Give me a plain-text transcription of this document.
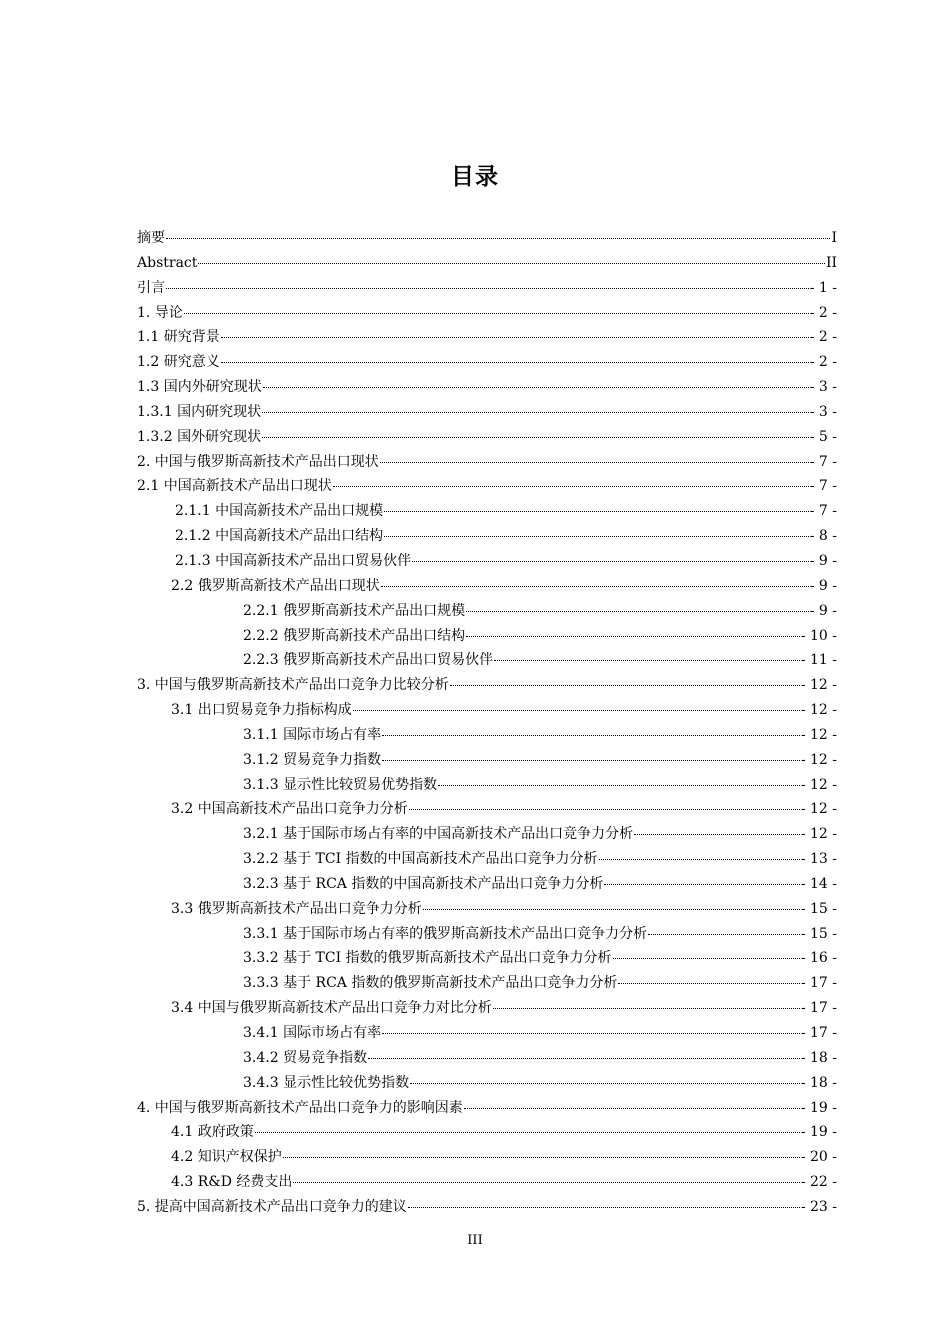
目录
摘要	I
Abstract	II
引言	- 1 -
1. 导论	- 2 -
1.1 研究背景	- 2 -
1.2 研究意义	- 2 -
1.3 国内外研究现状	- 3 -
1.3.1 国内研究现状	- 3 -
1.3.2 国外研究现状	- 5 -
2. 中国与俄罗斯高新技术产品出口现状	- 7 -
2.1 中国高新技术产品出口现状	- 7 -
2.1.1 中国高新技术产品出口规模	- 7 -
2.1.2 中国高新技术产品出口结构	- 8 -
2.1.3 中国高新技术产品出口贸易伙伴	- 9 -
2.2 俄罗斯高新技术产品出口现状	- 9 -
2.2.1 俄罗斯高新技术产品出口规模	- 9 -
2.2.2 俄罗斯高新技术产品出口结构	- 10 -
2.2.3 俄罗斯高新技术产品出口贸易伙伴	- 11 -
3. 中国与俄罗斯高新技术产品出口竞争力比较分析	- 12 -
3.1 出口贸易竞争力指标构成	- 12 -
3.1.1 国际市场占有率	- 12 -
3.1.2 贸易竞争力指数	- 12 -
3.1.3 显示性比较贸易优势指数	- 12 -
3.2 中国高新技术产品出口竞争力分析	- 12 -
3.2.1 基于国际市场占有率的中国高新技术产品出口竞争力分析	- 12 -
3.2.2 基于 TCI 指数的中国高新技术产品出口竞争力分析	- 13 -
3.2.3 基于 RCA 指数的中国高新技术产品出口竞争力分析	- 14 -
3.3 俄罗斯高新技术产品出口竞争力分析	- 15 -
3.3.1 基于国际市场占有率的俄罗斯高新技术产品出口竞争力分析	- 15 -
3.3.2 基于 TCI 指数的俄罗斯高新技术产品出口竞争力分析	- 16 -
3.3.3 基于 RCA 指数的俄罗斯高新技术产品出口竞争力分析	- 17 -
3.4 中国与俄罗斯高新技术产品出口竞争力对比分析	- 17 -
3.4.1 国际市场占有率	- 17 -
3.4.2 贸易竞争指数	- 18 -
3.4.3 显示性比较优势指数	- 18 -
4. 中国与俄罗斯高新技术产品出口竞争力的影响因素	- 19 -
4.1 政府政策	- 19 -
4.2 知识产权保护	- 20 -
4.3 R&D 经费支出	- 22 -
5. 提高中国高新技术产品出口竞争力的建议	- 23 -
III
